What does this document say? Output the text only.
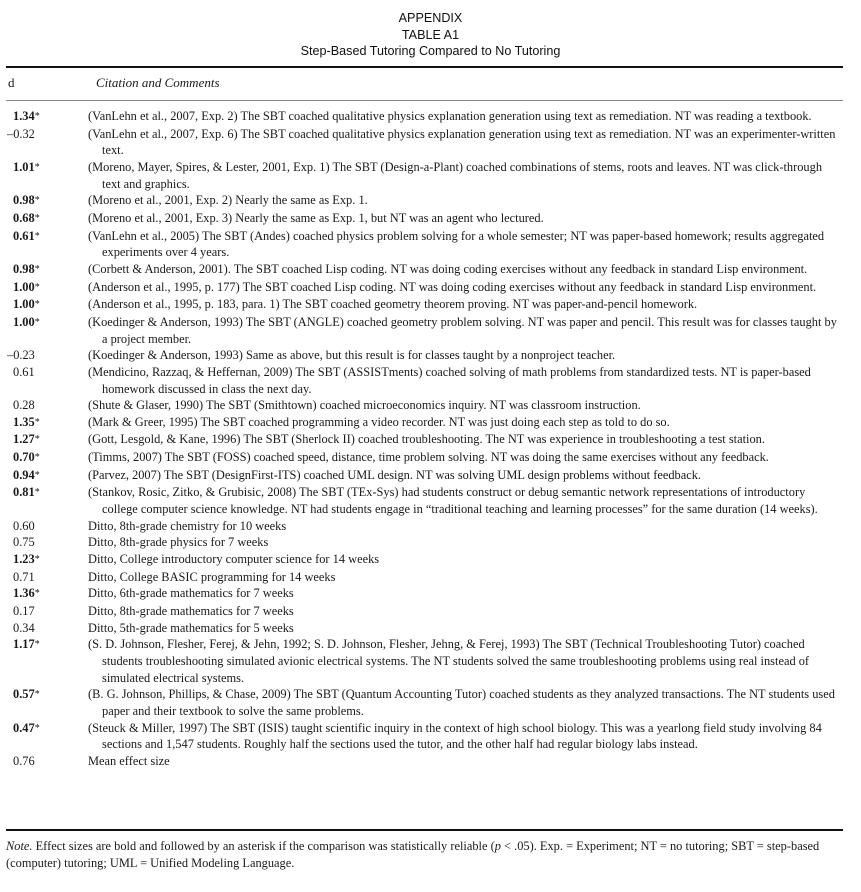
APPENDIX
TABLE A1
Step-Based Tutoring Compared to No Tutoring
d	Citation and Comments
1.34*	(VanLehn et al., 2007, Exp. 2) The SBT coached qualitative physics explanation generation using text as remediation. NT was reading a textbook.
–0.32	(VanLehn et al., 2007, Exp. 6) The SBT coached qualitative physics explanation generation using text as remediation. NT was an experimenter-written text.
1.01*	(Moreno, Mayer, Spires, & Lester, 2001, Exp. 1) The SBT (Design-a-Plant) coached combinations of stems, roots and leaves. NT was click-through text and graphics.
0.98*	(Moreno et al., 2001, Exp. 2) Nearly the same as Exp. 1.
0.68*	(Moreno et al., 2001, Exp. 3) Nearly the same as Exp. 1, but NT was an agent who lectured.
0.61*	(VanLehn et al., 2005) The SBT (Andes) coached physics problem solving for a whole semester; NT was paper-based homework; results aggregated experiments over 4 years.
0.98*	(Corbett & Anderson, 2001). The SBT coached Lisp coding. NT was doing coding exercises without any feedback in standard Lisp environment.
1.00*	(Anderson et al., 1995, p. 177) The SBT coached Lisp coding. NT was doing coding exercises without any feedback in standard Lisp environment.
1.00*	(Anderson et al., 1995, p. 183, para. 1) The SBT coached geometry theorem proving. NT was paper-and-pencil homework.
1.00*	(Koedinger & Anderson, 1993) The SBT (ANGLE) coached geometry problem solving. NT was paper and pencil. This result was for classes taught by a project member.
–0.23	(Koedinger & Anderson, 1993) Same as above, but this result is for classes taught by a nonproject teacher.
0.61	(Mendicino, Razzaq, & Heffernan, 2009) The SBT (ASSISTments) coached solving of math problems from standardized tests. NT is paper-based homework discussed in class the next day.
0.28	(Shute & Glaser, 1990) The SBT (Smithtown) coached microeconomics inquiry. NT was classroom instruction.
1.35*	(Mark & Greer, 1995) The SBT coached programming a video recorder. NT was just doing each step as told to do so.
1.27*	(Gott, Lesgold, & Kane, 1996) The SBT (Sherlock II) coached troubleshooting. The NT was experience in troubleshooting a test station.
0.70*	(Timms, 2007) The SBT (FOSS) coached speed, distance, time problem solving. NT was doing the same exercises without any feedback.
0.94*	(Parvez, 2007) The SBT (DesignFirst-ITS) coached UML design. NT was solving UML design problems without feedback.
0.81*	(Stankov, Rosic, Zitko, & Grubisic, 2008) The SBT (TEx-Sys) had students construct or debug semantic network representations of introductory college computer science knowledge. NT had students engage in “traditional teaching and learning processes” for the same duration (14 weeks).
0.60	Ditto, 8th-grade chemistry for 10 weeks
0.75	Ditto, 8th-grade physics for 7 weeks
1.23*	Ditto, College introductory computer science for 14 weeks
0.71	Ditto, College BASIC programming for 14 weeks
1.36*	Ditto, 6th-grade mathematics for 7 weeks
0.17	Ditto, 8th-grade mathematics for 7 weeks
0.34	Ditto, 5th-grade mathematics for 5 weeks
1.17*	(S. D. Johnson, Flesher, Ferej, & Jehn, 1992; S. D. Johnson, Flesher, Jehng, & Ferej, 1993) The SBT (Technical Troubleshooting Tutor) coached students troubleshooting simulated avionic electrical systems. The NT students solved the same troubleshooting problems using real instead of simulated electrical systems.
0.57*	(B. G. Johnson, Phillips, & Chase, 2009) The SBT (Quantum Accounting Tutor) coached students as they analyzed transactions. The NT students used paper and their textbook to solve the same problems.
0.47*	(Steuck & Miller, 1997) The SBT (ISIS) taught scientific inquiry in the context of high school biology. This was a yearlong field study involving 84 sections and 1,547 students. Roughly half the sections used the tutor, and the other half had regular biology labs instead.
0.76	Mean effect size
Note. Effect sizes are bold and followed by an asterisk if the comparison was statistically reliable (p < .05). Exp. = Experiment; NT = no tutoring; SBT = step-based (computer) tutoring; UML = Unified Modeling Language.
